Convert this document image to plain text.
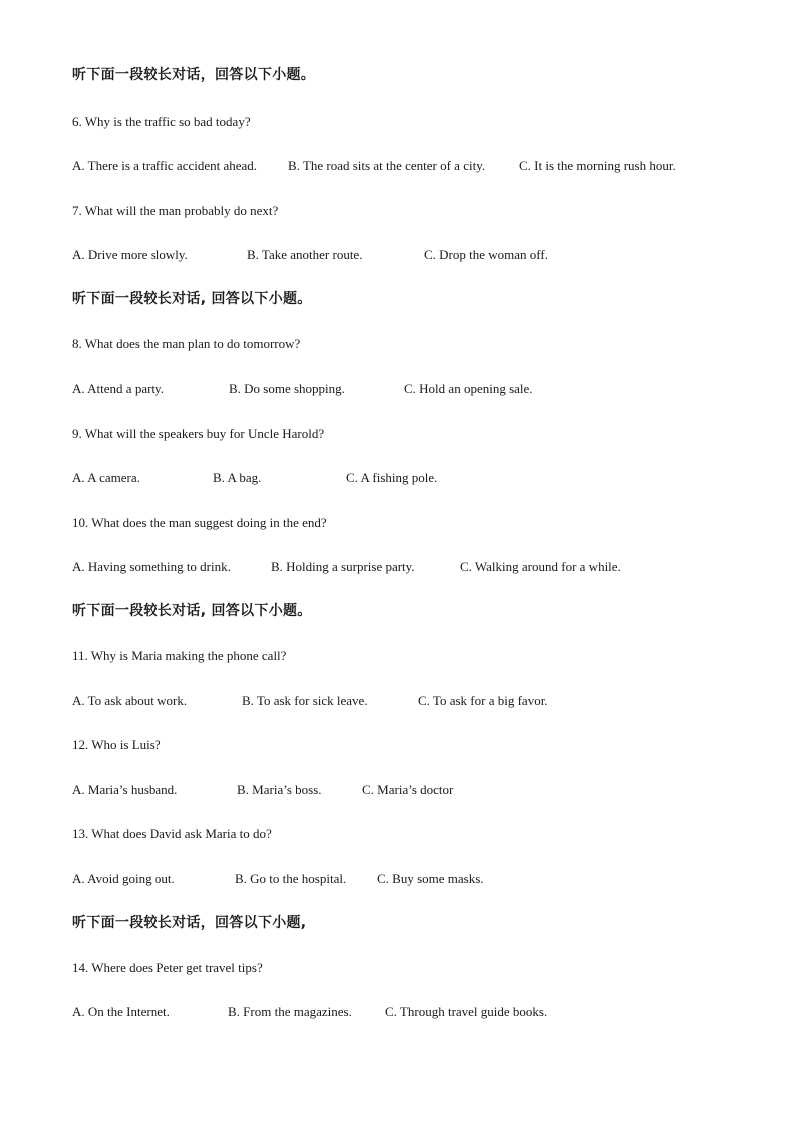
听下面一段较长对话，回答以下小题。
6. Why is the traffic so bad today?
A. There is a traffic accident ahead. B. The road sits at the center of a city.	C. It is the morning rush hour.
7. What will the man probably do next?
A. Drive more slowly.	B. Take another route.	C. Drop the woman off.
听下面一段较长对话, 回答以下小题。
8. What does the man plan to do tomorrow?
A. Attend a party.	B. Do some shopping.	C. Hold an opening sale.
9. What will the speakers buy for Uncle Harold?
A. A camera.	B. A bag.	C. A fishing pole.
10. What does the man suggest doing in the end?
A. Having something to drink.	B. Holding a surprise party.	C. Walking around for a while.
听下面一段较长对话, 回答以下小题。
11. Why is Maria making the phone call?
A. To ask about work.	B. To ask for sick leave.	C. To ask for a big favor.
12. Who is Luis?
A. Maria’s husband.	B. Maria’s boss.	C. Maria’s doctor
13. What does David ask Maria to do?
A. Avoid going out.	B. Go to the hospital. C. Buy some masks.
听下面一段较长对话，回答以下小题,
14. Where does Peter get travel tips?
A. On the Internet.	B. From the magazines.	C. Through travel guide books.
